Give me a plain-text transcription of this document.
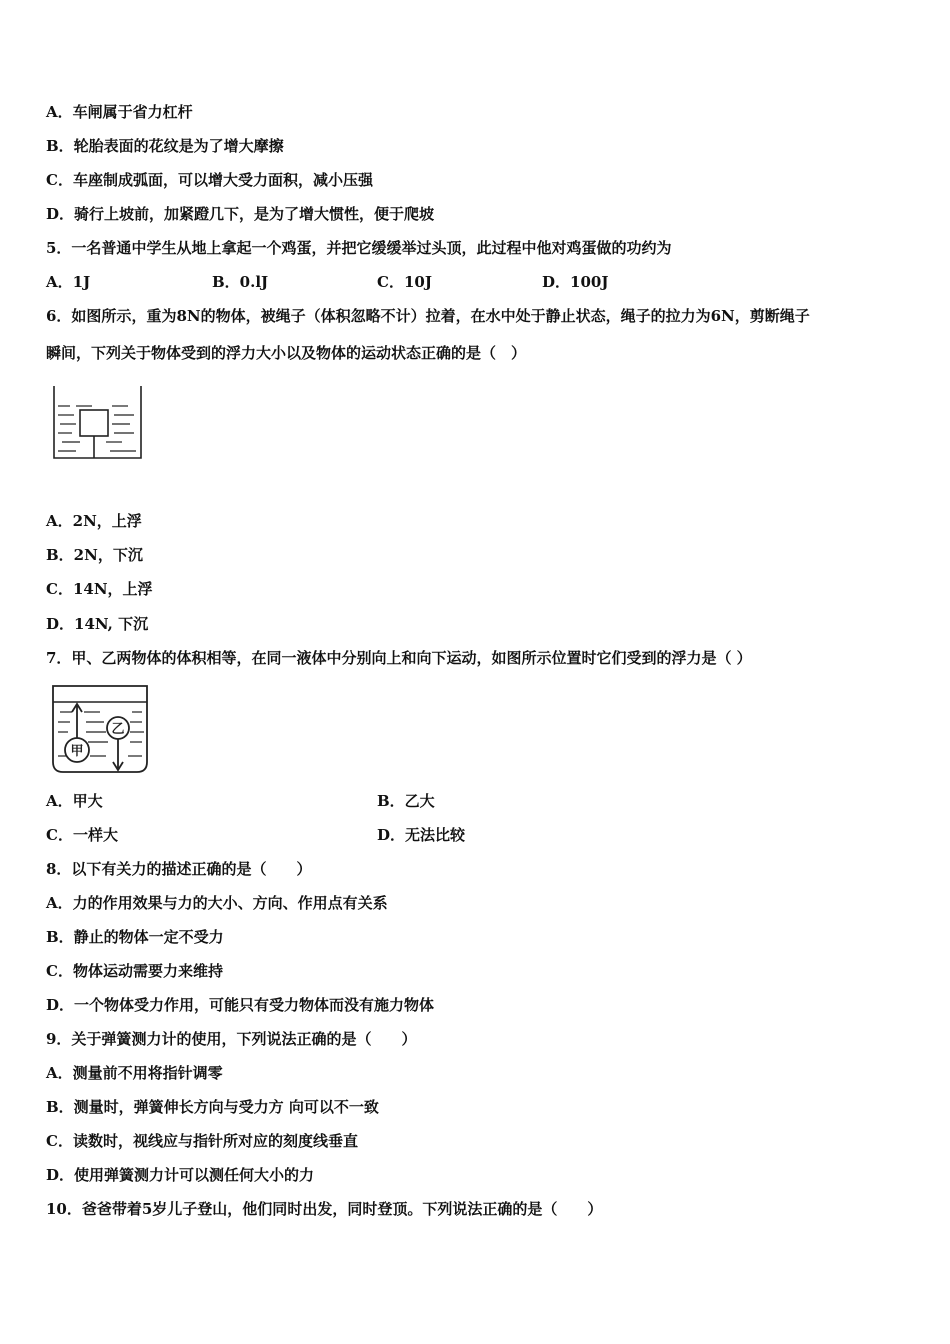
A．车闸属于省力杠杆
B．轮胎表面的花纹是为了增大摩擦
C．车座制成弧面，可以增大受力面积，减小压强
D．骑行上坡前，加紧蹬几下，是为了增大惯性，便于爬坡
5．一名普通中学生从地上拿起一个鸡蛋，并把它缓缓举过头顶，此过程中他对鸡蛋做的功约为
A．1J	B．0.lJ	C．10J	D．100J
6．如图所示，重为8N的物体，被绳子（体积忽略不计）拉着，在水中处于静止状态，绳子的拉力为6N，剪断绳子
瞬间，下列关于物体受到的浮力大小以及物体的运动状态正确的是（　）
A．2N，上浮
B．2N，下沉
C．14N，上浮
D．14N, 下沉
7．甲、乙两物体的体积相等，在同一液体中分别向上和向下运动，如图所示位置时它们受到的浮力是（ ）
甲
乙
A．甲大	B．乙大
C．一样大	D．无法比较
8．以下有关力的描述正确的是（　　）
A．力的作用效果与力的大小、方向、作用点有关系
B．静止的物体一定不受力
C．物体运动需要力来维持
D．一个物体受力作用，可能只有受力物体而没有施力物体
9．关于弹簧测力计的使用，下列说法正确的是（　　）
A．测量前不用将指针调零
B．测量时，弹簧伸长方向与受力方 向可以不一致
C．读数时，视线应与指针所对应的刻度线垂直
D．使用弹簧测力计可以测任何大小的力
10．爸爸带着5岁儿子登山，他们同时出发，同时登顶。下列说法正确的是（　　）
